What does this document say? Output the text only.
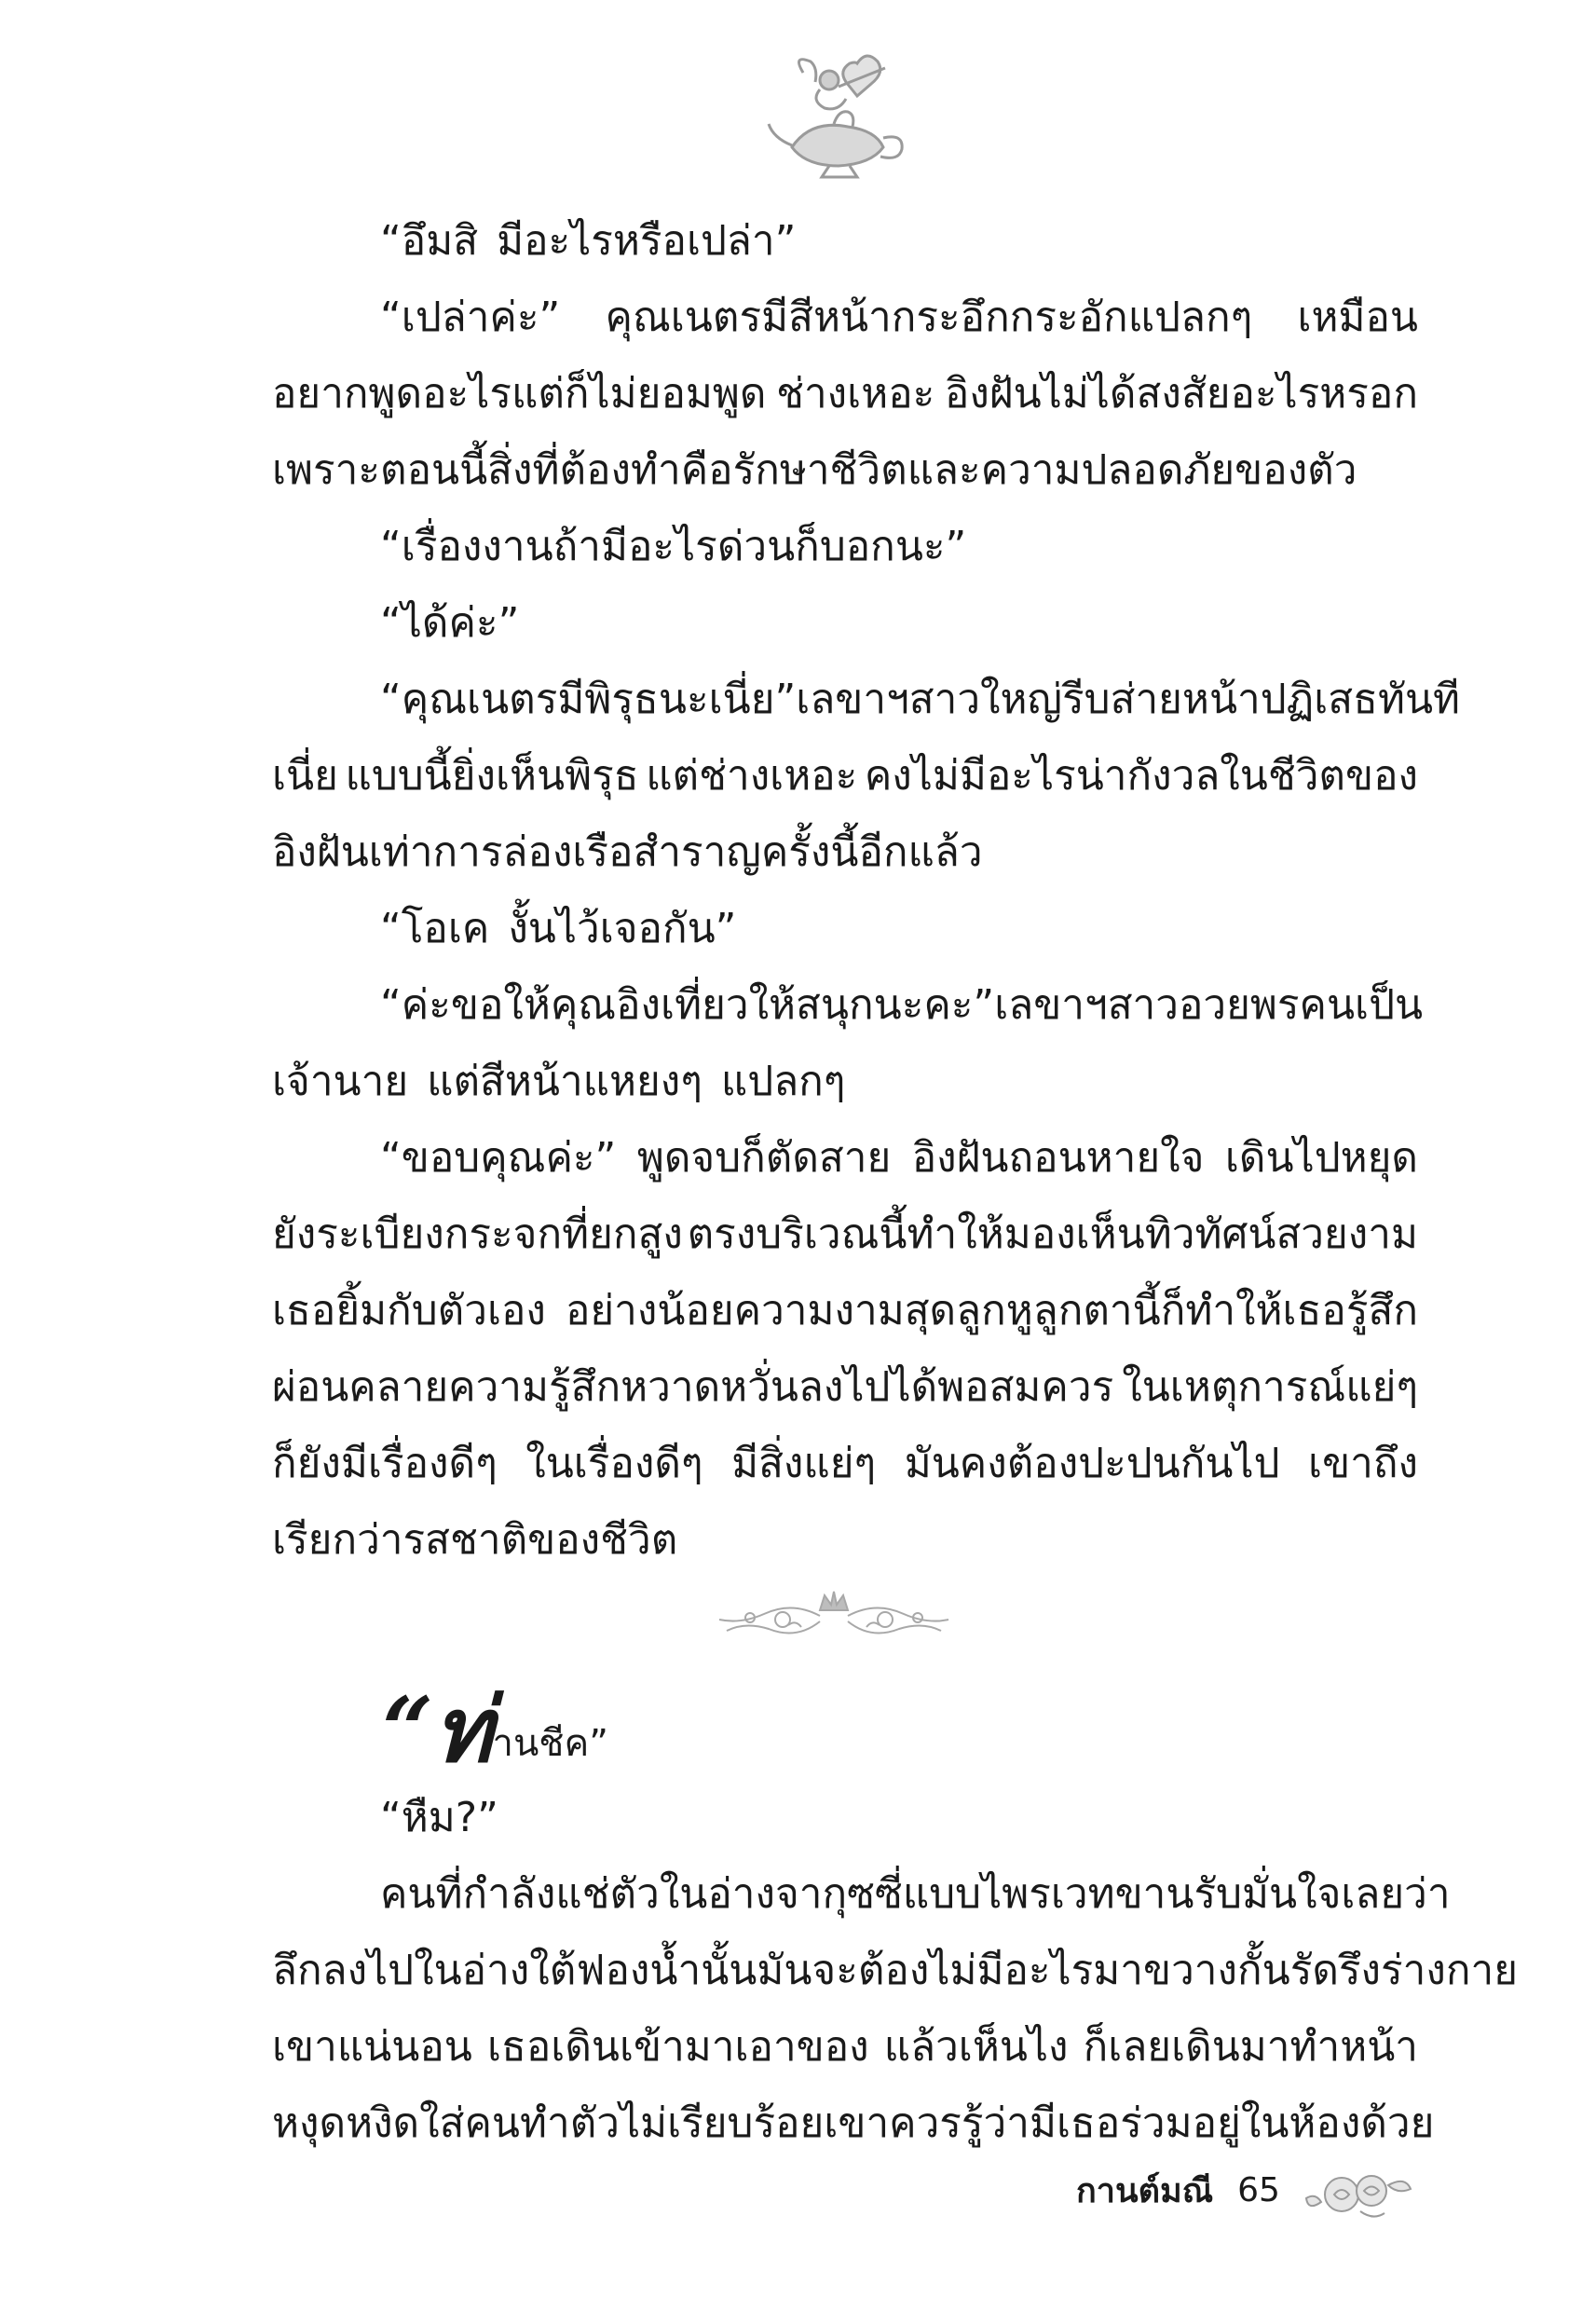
“อึมสิ มีอะไรหรือเปล่า”
“เปล่าค่ะ” คุณเนตรมีสีหน้ากระอึกกระอักแปลกๆ เหมือน
อยากพูดอะไรแต่ก็ไม่ยอมพูด ช่างเหอะ อิงฝันไม่ได้สงสัยอะไรหรอก
เพราะตอนนี้สิ่งที่ต้องทำคือรักษาชีวิตและความปลอดภัยของตัว
“เรื่องงานถ้ามีอะไรด่วนก็บอกนะ”
“ได้ค่ะ”
“คุณเนตรมีพิรุธนะเนี่ย” เลขาฯ สาวใหญ่รีบส่ายหน้าปฏิเสธทันที
เนี่ย แบบนี้ยิ่งเห็นพิรุธ แต่ช่างเหอะ คงไม่มีอะไรน่ากังวลในชีวิตของ
อิงฝันเท่าการล่องเรือสำราญครั้งนี้อีกแล้ว
“โอเค งั้นไว้เจอกัน”
“ค่ะ ขอให้คุณอิงเที่ยวให้สนุกนะคะ” เลขาฯ สาวอวยพรคนเป็น
เจ้านาย แต่สีหน้าแหยงๆ แปลกๆ
“ขอบคุณค่ะ” พูดจบก็ตัดสาย อิงฝันถอนหายใจ เดินไปหยุด
ยังระเบียงกระจกที่ยกสูง ตรงบริเวณนี้ทำให้มองเห็นทิวทัศน์สวยงาม
เธอยิ้มกับตัวเอง อย่างน้อยความงามสุดลูกหูลูกตานี้ก็ทำให้เธอรู้สึก
ผ่อนคลายความรู้สึกหวาดหวั่นลงไปได้พอสมควร ในเหตุการณ์แย่ๆ
ก็ยังมีเรื่องดีๆ ในเรื่องดีๆ มีสิ่งแย่ๆ มันคงต้องปะปนกันไป เขาถึง
เรียกว่ารสชาติของชีวิต
“ท่ านชีค”
“หืม?”
คนที่กำลังแช่ตัวในอ่างจากุซซี่แบบไพรเวทขานรับ มั่นใจเลยว่า
ลึกลงไปในอ่างใต้ฟองน้ำนั้นมันจะต้องไม่มีอะไรมาขวางกั้นรัดรึงร่างกาย
เขาแน่นอน เธอเดินเข้ามาเอาของ แล้วเห็นไง ก็เลยเดินมาทำหน้า
หงุดหงิดใส่คนทำตัวไม่เรียบร้อย เขาควรรู้ว่ามีเธอร่วมอยู่ในห้องด้วย
กานต์มณี 65
